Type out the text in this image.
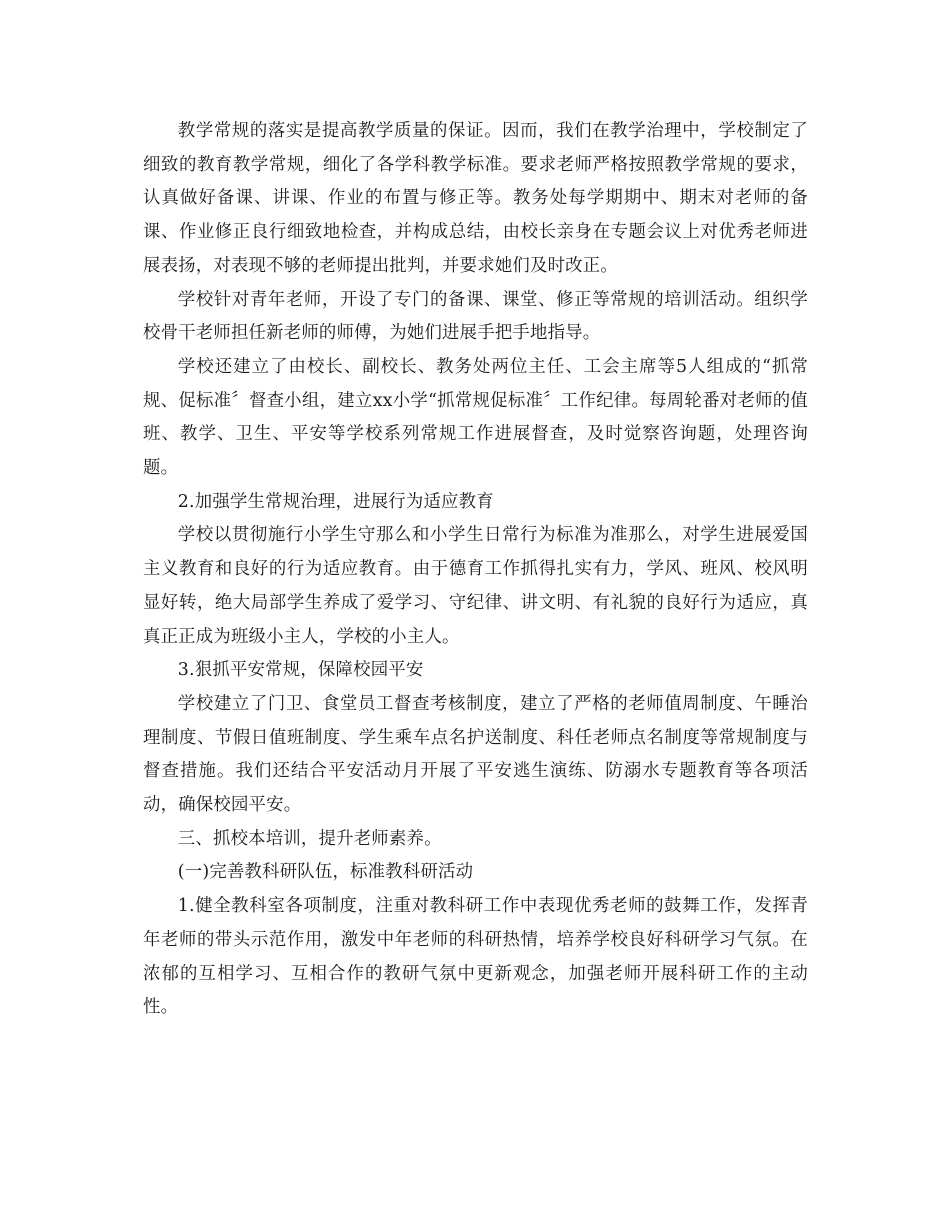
教学常规的落实是提高教学质量的保证。因而，我们在教学治理中，学校制定了细致的教育教学常规，细化了各学科教学标准。要求老师严格按照教学常规的要求，认真做好备课、讲课、作业的布置与修正等。教务处每学期期中、期末对老师的备课、作业修正良行细致地检查，并构成总结，由校长亲身在专题会议上对优秀老师进展表扬，对表现不够的老师提出批判，并要求她们及时改正。

学校针对青年老师，开设了专门的备课、课堂、修正等常规的培训活动。组织学校骨干老师担任新老师的师傅，为她们进展手把手地指导。

学校还建立了由校长、副校长、教务处两位主任、工会主席等5人组成的“抓常规、促标准〞督查小组，建立xx小学“抓常规促标准〞工作纪律。每周轮番对老师的值班、教学、卫生、平安等学校系列常规工作进展督查，及时觉察咨询题，处理咨询题。

2.加强学生常规治理，进展行为适应教育

学校以贯彻施行小学生守那么和小学生日常行为标准为准那么，对学生进展爱国主义教育和良好的行为适应教育。由于德育工作抓得扎实有力，学风、班风、校风明显好转，绝大局部学生养成了爱学习、守纪律、讲文明、有礼貌的良好行为适应，真真正正成为班级小主人，学校的小主人。

3.狠抓平安常规，保障校园平安

学校建立了门卫、食堂员工督查考核制度，建立了严格的老师值周制度、午睡治理制度、节假日值班制度、学生乘车点名护送制度、科任老师点名制度等常规制度与督查措施。我们还结合平安活动月开展了平安逃生演练、防溺水专题教育等各项活动，确保校园平安。

三、抓校本培训，提升老师素养。

(一)完善教科研队伍，标准教科研活动

1.健全教科室各项制度，注重对教科研工作中表现优秀老师的鼓舞工作，发挥青年老师的带头示范作用，激发中年老师的科研热情，培养学校良好科研学习气氛。在浓郁的互相学习、互相合作的教研气氛中更新观念，加强老师开展科研工作的主动性。
